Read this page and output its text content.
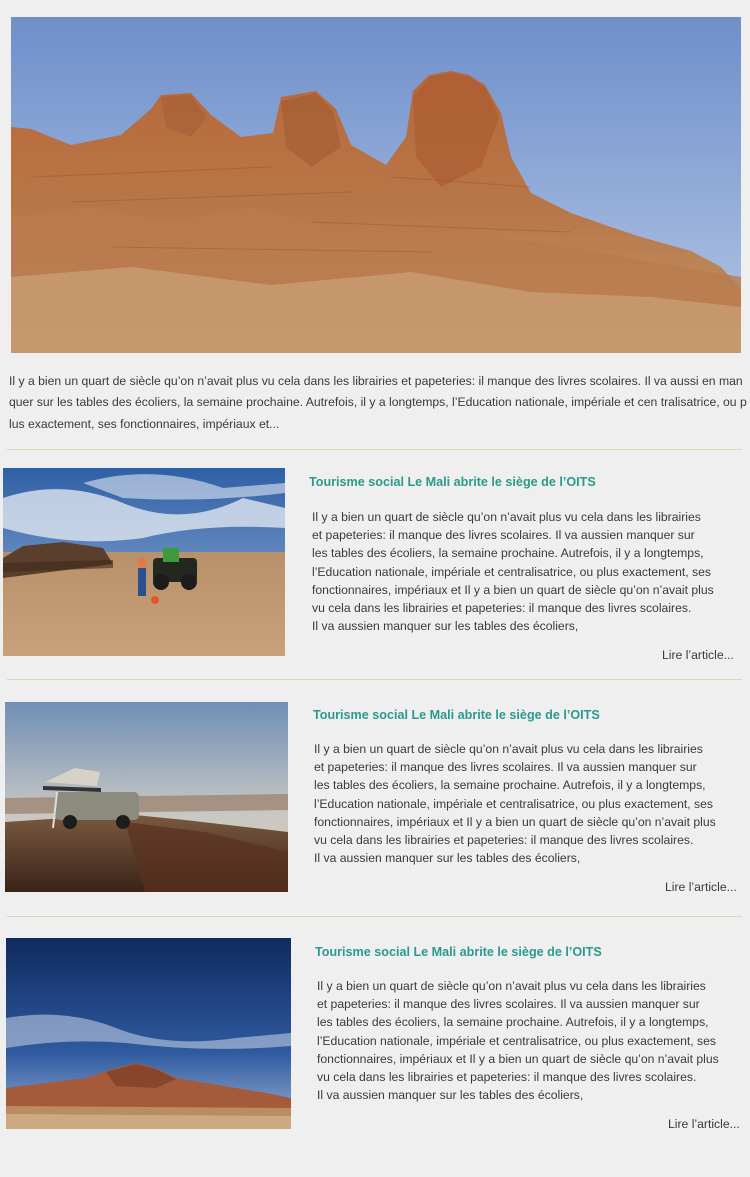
Il y a bien un quart de siècle qu’on n’avait plus vu cela dans les librairies et papeteries: il manque des livres scolaires. Il va aussi en manquer sur les tables des écoliers, la semaine prochaine. Autrefois, il y a longtemps, l’Education nationale, impériale et cen tralisatrice, ou plus exactement, ses fonctionnaires, impériaux et...

Tourisme social Le Mali abrite le siège de l’OITS

Il y a bien un quart de siècle qu’on n’avait plus vu cela dans les librairies
et papeteries: il manque des livres scolaires. Il va aussien manquer sur
les tables des écoliers, la semaine prochaine. Autrefois, il y a longtemps,
l’Education nationale, impériale et centralisatrice, ou plus exactement, ses
fonctionnaires, impériaux et Il y a bien un quart de siècle qu’on n’avait plus
vu cela dans les librairies et papeteries: il manque des livres scolaires.
Il va aussien manquer sur les tables des écoliers,

Lire l’article...
Tourisme social Le Mali abrite le siège de l’OITS

Il y a bien un quart de siècle qu’on n’avait plus vu cela dans les librairies
et papeteries: il manque des livres scolaires. Il va aussien manquer sur
les tables des écoliers, la semaine prochaine. Autrefois, il y a longtemps,
l’Education nationale, impériale et centralisatrice, ou plus exactement, ses
fonctionnaires, impériaux et Il y a bien un quart de siècle qu’on n’avait plus
vu cela dans les librairies et papeteries: il manque des livres scolaires.
Il va aussien manquer sur les tables des écoliers,

Lire l’article...
Tourisme social Le Mali abrite le siège de l’OITS

Il y a bien un quart de siècle qu’on n’avait plus vu cela dans les librairies
et papeteries: il manque des livres scolaires. Il va aussien manquer sur
les tables des écoliers, la semaine prochaine. Autrefois, il y a longtemps,
l’Education nationale, impériale et centralisatrice, ou plus exactement, ses
fonctionnaires, impériaux et Il y a bien un quart de siècle qu’on n’avait plus
vu cela dans les librairies et papeteries: il manque des livres scolaires.
Il va aussien manquer sur les tables des écoliers,

Lire l’article...
